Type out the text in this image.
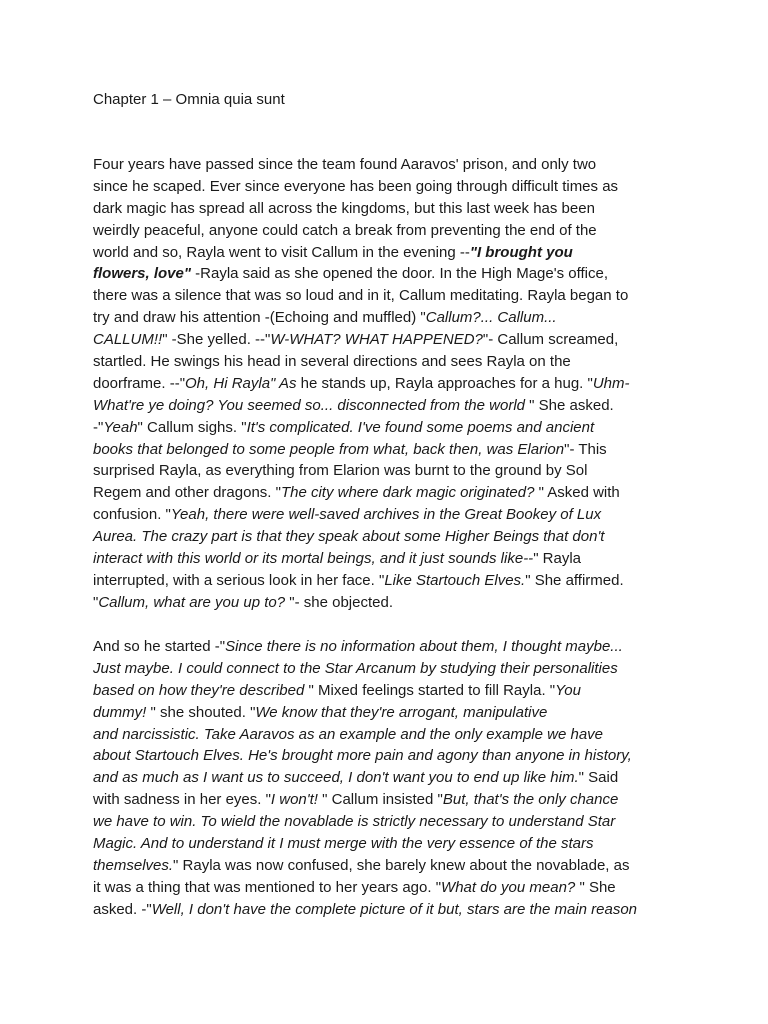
Chapter 1 – Omnia quia sunt
Four years have passed since the team found Aaravos' prison, and only two
since he scaped. Ever since everyone has been going through difficult times as
dark magic has spread all across the kingdoms, but this last week has been
weirdly peaceful, anyone could catch a break from preventing the end of the
world and so, Rayla went to visit Callum in the evening --"I brought you
flowers, love" -Rayla said as she opened the door. In the High Mage's office,
there was a silence that was so loud and in it, Callum meditating. Rayla began to
try and draw his attention -(Echoing and muffled) "Callum?... Callum...
CALLUM!!" -She yelled. --"W-WHAT? WHAT HAPPENED?"- Callum screamed,
startled. He swings his head in several directions and sees Rayla on the
doorframe. --"Oh, Hi Rayla" As he stands up, Rayla approaches for a hug. "Uhm-
What're ye doing? You seemed so... disconnected from the world " She asked.
-"Yeah" Callum sighs. "It's complicated. I've found some poems and ancient
books that belonged to some people from what, back then, was Elarion"- This
surprised Rayla, as everything from Elarion was burnt to the ground by Sol
Regem and other dragons. "The city where dark magic originated? " Asked with
confusion. "Yeah, there were well-saved archives in the Great Bookey of Lux
Aurea. The crazy part is that they speak about some Higher Beings that don't
interact with this world or its mortal beings, and it just sounds like--" Rayla
interrupted, with a serious look in her face. "Like Startouch Elves." She affirmed.
"Callum, what are you up to? "- she objected.
And so he started -"Since there is no information about them, I thought maybe...
Just maybe. I could connect to the Star Arcanum by studying their personalities
based on how they're described " Mixed feelings started to fill Rayla. "You
dummy! " she shouted. "We know that they're arrogant, manipulative
and narcissistic. Take Aaravos as an example and the only example we have
about Startouch Elves. He's brought more pain and agony than anyone in history,
and as much as I want us to succeed, I don't want you to end up like him." Said
with sadness in her eyes. "I won't! " Callum insisted "But, that's the only chance
we have to win. To wield the novablade is strictly necessary to understand Star
Magic. And to understand it I must merge with the very essence of the stars
themselves." Rayla was now confused, she barely knew about the novablade, as
it was a thing that was mentioned to her years ago. "What do you mean? " She
asked. -"Well, I don't have the complete picture of it but, stars are the main reason
